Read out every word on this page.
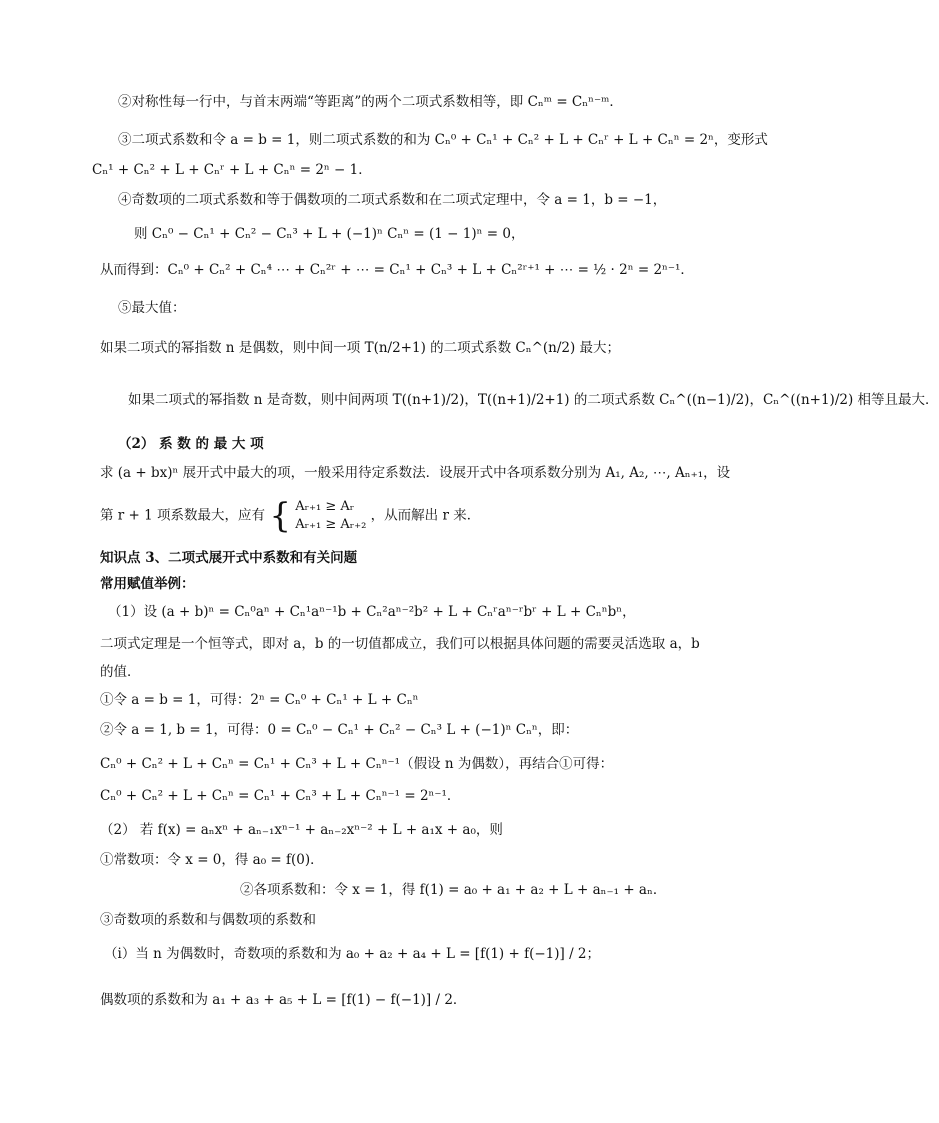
②对称性每一行中，与首末两端“等距离”的两个二项式系数相等，即 Cₙᵐ = Cₙⁿ⁻ᵐ．
③二项式系数和令 a = b = 1，则二项式系数的和为 Cₙ⁰ + Cₙ¹ + Cₙ² + L + Cₙʳ + L + Cₙⁿ = 2ⁿ，变形式
Cₙ¹ + Cₙ² + L + Cₙʳ + L + Cₙⁿ = 2ⁿ − 1．
④奇数项的二项式系数和等于偶数项的二项式系数和在二项式定理中，令 a = 1，b = −1，
则 Cₙ⁰ − Cₙ¹ + Cₙ² − Cₙ³ + L + (−1)ⁿ Cₙⁿ = (1 − 1)ⁿ = 0，
从而得到：Cₙ⁰ + Cₙ² + Cₙ⁴ ⋯ + Cₙ²ʳ + ⋯ = Cₙ¹ + Cₙ³ + L + Cₙ²ʳ⁺¹ + ⋯ = ½ · 2ⁿ = 2ⁿ⁻¹．
⑤最大值：
如果二项式的幂指数 n 是偶数，则中间一项 T(n/2+1) 的二项式系数 Cₙ^(n/2) 最大；
如果二项式的幂指数 n 是奇数，则中间两项 T((n+1)/2)，T((n+1)/2+1) 的二项式系数 Cₙ^((n−1)/2)，Cₙ^((n+1)/2) 相等且最大．
（2） 系 数 的 最 大 项
求 (a + bx)ⁿ 展开式中最大的项，一般采用待定系数法．设展开式中各项系数分别为 A₁, A₂, ⋯, Aₙ₊₁，设
第 r + 1 项系数最大，应有 { Aᵣ₊₁ ≥ Aᵣ
Aᵣ₊₁ ≥ Aᵣ₊₂
，从而解出 r 来．
知识点 3、二项式展开式中系数和有关问题
常用赋值举例：
（1）设 (a + b)ⁿ = Cₙ⁰aⁿ + Cₙ¹aⁿ⁻¹b + Cₙ²aⁿ⁻²b² + L + Cₙʳaⁿ⁻ʳbʳ + L + Cₙⁿbⁿ，
二项式定理是一个恒等式，即对 a，b 的一切值都成立，我们可以根据具体问题的需要灵活选取 a，b
的值．
①令 a = b = 1，可得：2ⁿ = Cₙ⁰ + Cₙ¹ + L + Cₙⁿ
②令 a = 1, b = 1，可得：0 = Cₙ⁰ − Cₙ¹ + Cₙ² − Cₙ³ L + (−1)ⁿ Cₙⁿ，即：
Cₙ⁰ + Cₙ² + L + Cₙⁿ = Cₙ¹ + Cₙ³ + L + Cₙⁿ⁻¹（假设 n 为偶数），再结合①可得：
Cₙ⁰ + Cₙ² + L + Cₙⁿ = Cₙ¹ + Cₙ³ + L + Cₙⁿ⁻¹ = 2ⁿ⁻¹．
（2） 若 f(x) = aₙxⁿ + aₙ₋₁xⁿ⁻¹ + aₙ₋₂xⁿ⁻² + L + a₁x + a₀，则
①常数项：令 x = 0，得 a₀ = f(0)．
②各项系数和：令 x = 1，得 f(1) = a₀ + a₁ + a₂ + L + aₙ₋₁ + aₙ．
③奇数项的系数和与偶数项的系数和
（i）当 n 为偶数时，奇数项的系数和为 a₀ + a₂ + a₄ + L = [f(1) + f(−1)] / 2；
偶数项的系数和为 a₁ + a₃ + a₅ + L = [f(1) − f(−1)] / 2．
